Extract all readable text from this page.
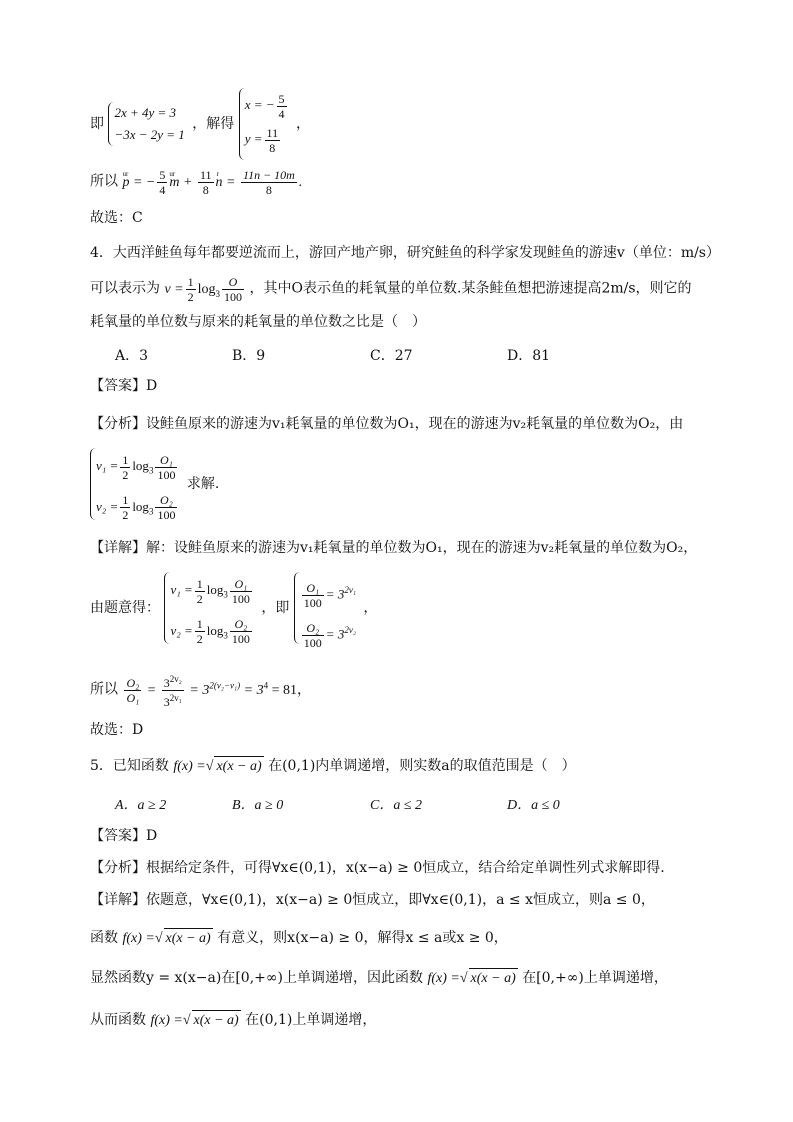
即
2x + 4y = 3
−3x − 2y = 1
，解得
x = − $\frac{5}{4}$
$y = \frac{11}{8}$
，
所以 ur p = − $\frac{5}{4}$ ur $m + \frac{11}{8}$ r $n = \frac{11n - 10m}{8}$ .
故选：C
4．大西洋鲑鱼每年都要逆流而上，游回产地产卵，研究鲑鱼的科学家发现鲑鱼的游速v（单位：m/s）
可以表示为 $v = \frac{1}{2} \log_3 \frac{O}{100}$ ，其中O表示鱼的耗氧量的单位数.某条鲑鱼想把游速提高2m/s，则它的
耗氧量的单位数与原来的耗氧量的单位数之比是（　）
A．3	B．9	C．27	D．81
【答案】D
【分析】设鲑鱼原来的游速为v₁耗氧量的单位数为O₁，现在的游速为v₂耗氧量的单位数为O₂，由
$v_1 = \frac{1}{2} \log_3 \frac{\text{O₁}}{100}$
$v_2 = \frac{1}{2} \log_3 \frac{\text{O₂}}{100}$
求解.
【详解】解：设鲑鱼原来的游速为v₁耗氧量的单位数为O₁，现在的游速为v₂耗氧量的单位数为O₂，
由题意得：
$v_1 = \frac{1}{2} \log_3 \frac{\text{O₁}}{100}$
$v_2 = \frac{1}{2} \log_3 \frac{\text{O₂}}{100}$
，即 $\frac{\text{O₁}}{100} = 3^{2v_1}$
$\frac{\text{O₂}}{100} = 3^{2v_2}$
，
所以 $\frac{\text{O₂}}{\text{O₁}} = \frac{3^{2v_2}}{3^{2v_1}} = 3^{2(v_2-v_1)} = 3^4 = 81$，
故选：D
5．已知函数 f(x) =√ x(x − a) 在(0,1)内单调递增，则实数a的取值范围是（　）
A．a ≥ 2	B．a ≥ 0	C．a ≤ 2	D．a ≤ 0
【答案】D
【分析】根据给定条件，可得∀x∈(0,1)，x(x−a) ≥ 0恒成立，结合给定单调性列式求解即得.
【详解】依题意，∀x∈(0,1)，x(x−a) ≥ 0恒成立，即∀x∈(0,1)，a ≤ x恒成立，则a ≤ 0，
函数 f(x) =√ x(x − a) 有意义，则x(x−a) ≥ 0，解得x ≤ a或x ≥ 0，
显然函数y = x(x−a)在[0,+∞)上单调递增，因此函数 f(x) =√ x(x − a) 在[0,+∞)上单调递增，
从而函数 f(x) =√ x(x − a) 在(0,1)上单调递增，
